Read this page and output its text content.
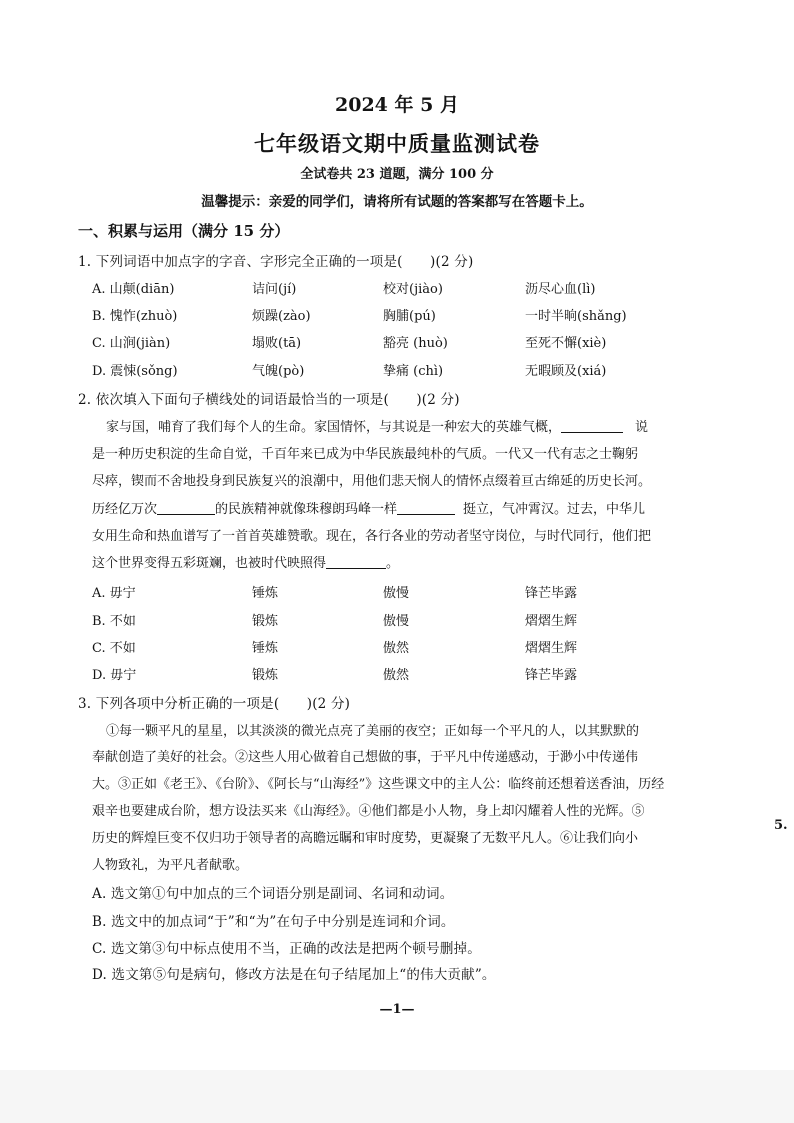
2024 年 5 月
七年级语文期中质量监测试卷
全试卷共 23 道题，满分 100 分
温馨提示：亲爱的同学们，请将所有试题的答案都写在答题卡上。
一、积累与运用（满分 15 分）
1. 下列词语中加点字的字音、字形完全正确的一项是(　　)(2 分)
A. 山颠(diān)	诘问(jí)	校对(jiào)	沥尽心血(lì)
B. 愧怍(zhuò)	烦躁(zào)	胸脯(pú)	一时半晌(shǎng)
C. 山涧(jiàn)	塌败(tā)	豁亮 (huò)	至死不懈(xiè)
D. 震悚(sǒng)	气魄(pò)	挚痛 (chì)	无暇顾及(xiá)
2. 依次填入下面句子横线处的词语最恰当的一项是(　　)(2 分)
家与国，哺育了我们每个人的生命。家国情怀，与其说是一种宏大的英雄气概，	说
是一种历史积淀的生命自觉，千百年来已成为中华民族最纯朴的气质。一代又一代有志之士鞠躬
尽瘁，锲而不舍地投身到民族复兴的浪潮中，用他们悲天悯人的情怀点缀着亘古绵延的历史长河。
历经亿万次	的民族精神就像珠穆朗玛峰一样	挺立，气冲霄汉。过去，中华儿
女用生命和热血谱写了一首首英雄赞歌。现在，各行各业的劳动者坚守岗位，与时代同行，他们把
这个世界变得五彩斑斓，也被时代映照得	。
A. 毋宁	锤炼	傲慢	锋芒毕露
B. 不如	锻炼	傲慢	熠熠生辉
C. 不如	锤炼	傲然	熠熠生辉
D. 毋宁	锻炼	傲然	锋芒毕露
3. 下列各项中分析正确的一项是(　　)(2 分)
①每一颗平凡的星星，以其淡淡的微光点亮了美丽的夜空；正如每一个平凡的人，以其默默的
奉献创造了美好的社会。②这些人用心做着自己想做的事，于平凡中传递感动，于渺小中传递伟
大。③正如《老王》、《台阶》、《阿长与“山海经”》这些课文中的主人公：临终前还想着送香油，历经
艰辛也要建成台阶，想方设法买来《山海经》。④他们都是小人物，身上却闪耀着人性的光辉。⑤
历史的辉煌巨变不仅归功于领导者的高瞻远瞩和审时度势，更凝聚了无数平凡人。⑥让我们向小
人物致礼，为平凡者献歌。
A. 选文第①句中加点的三个词语分别是副词、名词和动词。
B. 选文中的加点词“于”和“为”在句子中分别是连词和介词。
C. 选文第③句中标点使用不当，正确的改法是把两个顿号删掉。
D. 选文第⑤句是病句，修改方法是在句子结尾加上“的伟大贡献”。
—1—
5.
